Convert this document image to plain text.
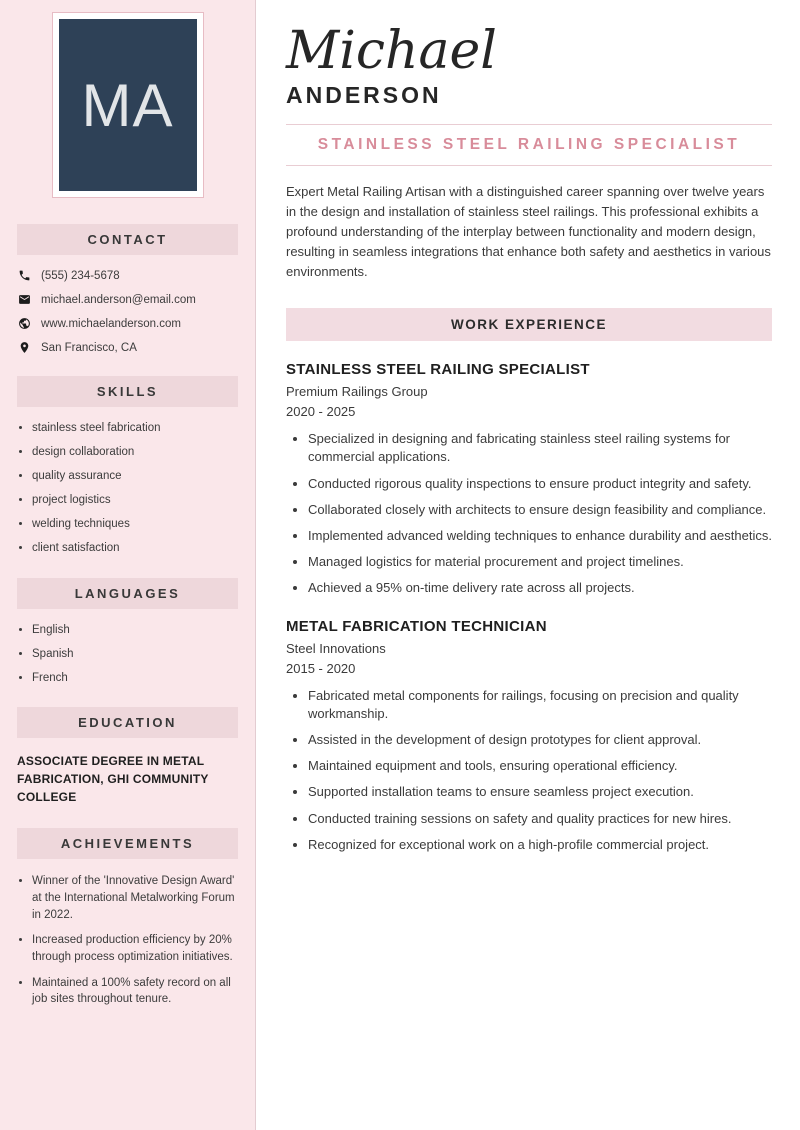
MA
CONTACT
(555) 234-5678
michael.anderson@email.com
www.michaelanderson.com
San Francisco, CA
SKILLS
• stainless steel fabrication
• design collaboration
• quality assurance
• project logistics
• welding techniques
• client satisfaction
LANGUAGES
• English
• Spanish
• French
EDUCATION
ASSOCIATE DEGREE IN METAL FABRICATION, GHI COMMUNITY COLLEGE
ACHIEVEMENTS
• Winner of the 'Innovative Design Award' at the International Metalworking Forum in 2022.
• Increased production efficiency by 20% through process optimization initiatives.
• Maintained a 100% safety record on all job sites throughout tenure.
Michael
ANDERSON
STAINLESS STEEL RAILING SPECIALIST

Expert Metal Railing Artisan with a distinguished career spanning over twelve years in the design and installation of stainless steel railings. This professional exhibits a profound understanding of the interplay between functionality and modern design, resulting in seamless integrations that enhance both safety and aesthetics in various environments.

WORK EXPERIENCE
STAINLESS STEEL RAILING SPECIALIST
Premium Railings Group
2020 - 2025
• Specialized in designing and fabricating stainless steel railing systems for commercial applications.
• Conducted rigorous quality inspections to ensure product integrity and safety.
• Collaborated closely with architects to ensure design feasibility and compliance.
• Implemented advanced welding techniques to enhance durability and aesthetics.
• Managed logistics for material procurement and project timelines.
• Achieved a 95% on-time delivery rate across all projects.
METAL FABRICATION TECHNICIAN
Steel Innovations
2015 - 2020
• Fabricated metal components for railings, focusing on precision and quality workmanship.
• Assisted in the development of design prototypes for client approval.
• Maintained equipment and tools, ensuring operational efficiency.
• Supported installation teams to ensure seamless project execution.
• Conducted training sessions on safety and quality practices for new hires.
• Recognized for exceptional work on a high-profile commercial project.
